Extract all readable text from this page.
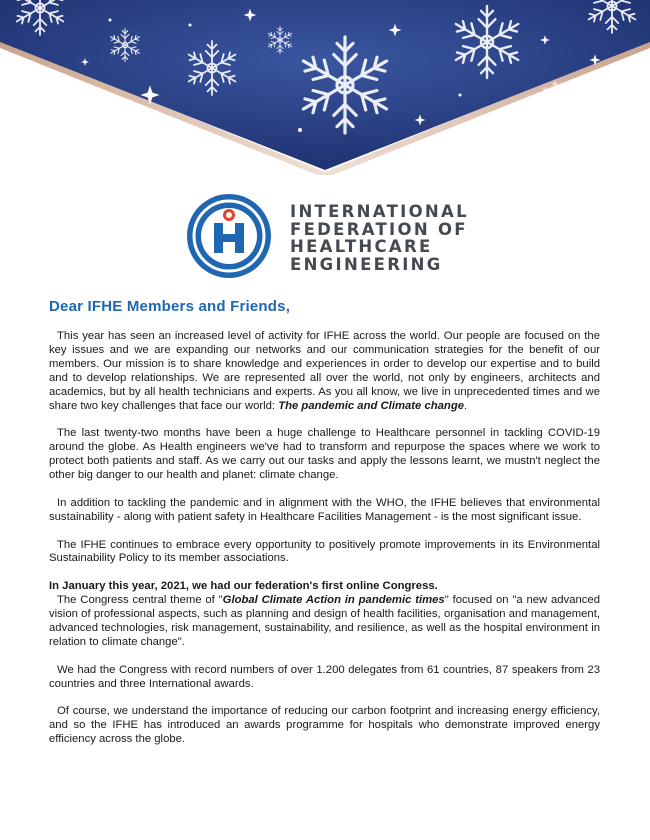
INTERNATIONAL
FEDERATION OF
HEALTHCARE
ENGINEERING
Dear IFHE Members and Friends,

This year has seen an increased level of activity for IFHE across the world. Our people are focused on the key issues and we are expanding our networks and our communication strategies for the benefit of our members. Our mission is to share knowledge and experiences in order to develop our expertise and to build and to develop relationships. We are represented all over the world, not only by engineers, architects and academics, but by all health technicians and experts. As you all know, we live in unprecedented times and we share two key challenges that face our world: The pandemic and Climate change.

The last twenty-two months have been a huge challenge to Healthcare personnel in tackling COVID-19 around the globe. As Health engineers we've had to transform and repurpose the spaces where we work to protect both patients and staff. As we carry out our tasks and apply the lessons learnt, we mustn't neglect the other big danger to our health and planet: climate change.

In addition to tackling the pandemic and in alignment with the WHO, the IFHE believes that environmental sustainability - along with patient safety in Healthcare Facilities Management - is the most significant issue.

The IFHE continues to embrace every opportunity to positively promote improvements in its Environmental Sustainability Policy to its member associations.

In January this year, 2021, we had our federation's first online Congress.

The Congress central theme of "Global Climate Action in pandemic times" focused on "a new advanced vision of professional aspects, such as planning and design of health facilities, organisation and management, advanced technologies, risk management, sustainability, and resilience, as well as the hospital environment in relation to climate change".

We had the Congress with record numbers of over 1.200 delegates from 61 countries, 87 speakers from 23 countries and three International awards.

Of course, we understand the importance of reducing our carbon footprint and increasing energy efficiency, and so the IFHE has introduced an awards programme for hospitals who demonstrate improved energy efficiency across the globe.
